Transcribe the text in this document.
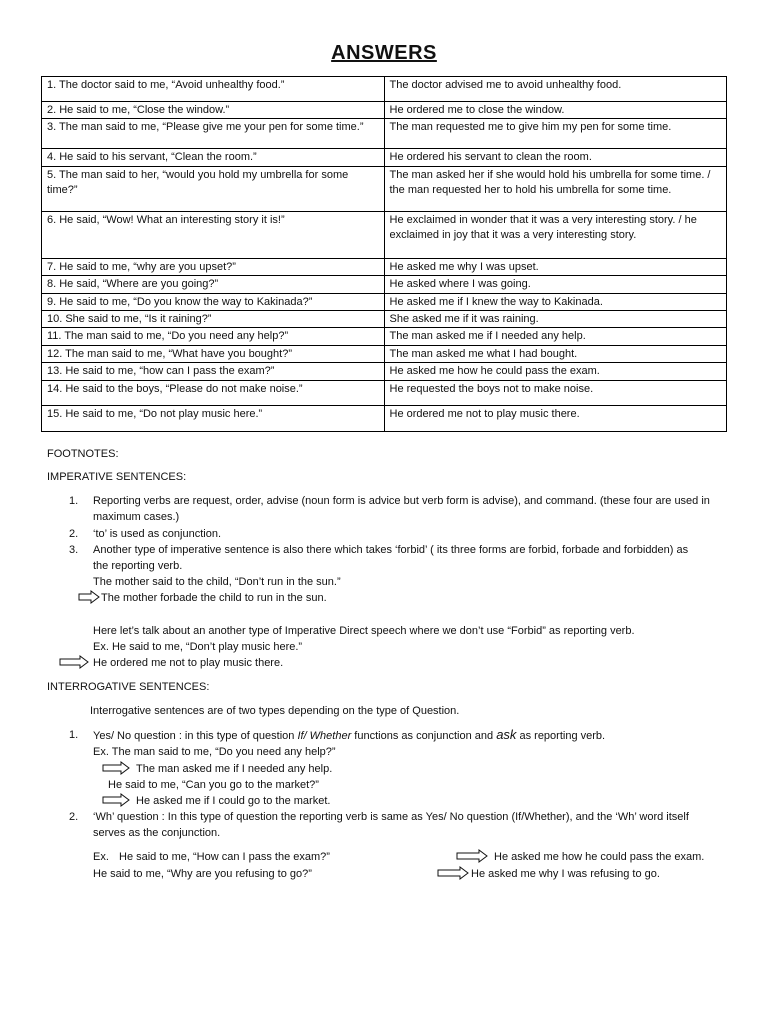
ANSWERS
1. The doctor said to me, “Avoid unhealthy food.”	The doctor advised me to avoid unhealthy food.
2. He said to me, “Close the window.”	He ordered me to close the window.
3. The man said to me, “Please give me your pen for some time.”	The man requested me to give him my pen for some time.
4. He said to his servant, “Clean the room.”	He ordered his servant to clean the room.
5. The man said to her, “would you hold my umbrella for some time?”	The man asked her if she would hold his umbrella for some time. / the man requested her to hold his umbrella for some time.
6. He said, “Wow! What an interesting story it is!”	He exclaimed in wonder that it was a very interesting story. / he exclaimed in joy that it was a very interesting story.
7. He said to me, “why are you upset?”	He asked me why I was upset.
8. He said, “Where are you going?”	He asked where I was going.
9. He said to me, “Do you know the way to Kakinada?”	He asked me if I knew the way to Kakinada.
10. She said to me, “Is it raining?”	She asked me if it was raining.
11. The man said to me, “Do you need any help?”	The man asked me if I needed any help.
12. The man said to me, “What have you bought?”	The man asked me what I had bought.
13. He said to me, “how can I pass the exam?”	He asked me how he could pass the exam.
14. He said to the boys, “Please do not make noise.”	He requested the boys not to make noise.
15. He said to me, “Do not play music here.”	He ordered me not to play music there.
FOOTNOTES:
IMPERATIVE SENTENCES:
1. Reporting verbs are request, order, advise (noun form is advice but verb form is advise), and command. (these four are used in maximum cases.)
2. ‘to’ is used as conjunction.
3. Another type of imperative sentence is also there which takes ‘forbid’ ( its three forms are forbid, forbade and forbidden) as the reporting verb.
The mother said to the child, “Don’t run in the sun.”
The mother forbade the child to run in the sun.
Here let’s talk about an another type of Imperative Direct speech where we don’t use “Forbid” as reporting verb.
Ex. He said to me, “Don’t play music here.”
He ordered me not to play music there.
INTERROGATIVE SENTENCES:
Interrogative sentences are of two types depending on the type of Question.
1. Yes/ No question : in this type of question If/ Whether functions as conjunction and ask as reporting verb.
Ex. The man said to me, “Do you need any help?”
The man asked me if I needed any help.
He said to me, “Can you go to the market?”
He asked me if I could go to the market.
2. ‘Wh’ question : In this type of question the reporting verb is same as Yes/ No question (If/Whether), and the ‘Wh’ word itself serves as the conjunction.
Ex. He said to me, “How can I pass the exam?”	He asked me how he could pass the exam.
He said to me, “Why are you refusing to go?”	He asked me why I was refusing to go.
